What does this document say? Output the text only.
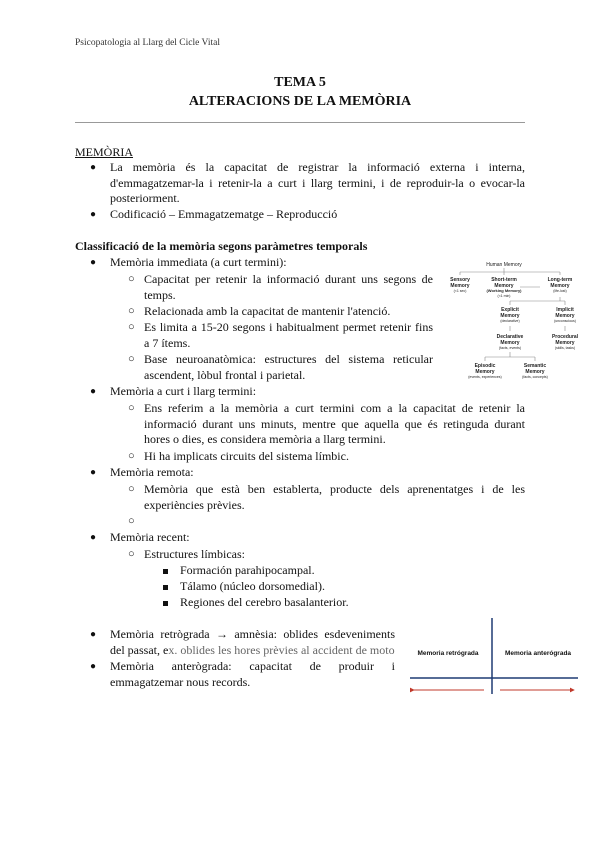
Psicopatologia al Llarg del Cicle Vital
TEMA 5
ALTERACIONS DE LA MEMÒRIA
MEMÒRIA
● La memòria és la capacitat de registrar la informació externa i interna,
d'emmagatzemar-la i retenir-la a curt i llarg termini, i de reproduir-la o evocar-la
posteriorment.
● Codificació – Emmagatzematge – Reproducció
Classificació de la memòria segons paràmetres temporals
● Memòria immediata (a curt termini):
○ Capacitat per retenir la informació durant uns segons de
temps.
○ Relacionada amb la capacitat de mantenir l'atenció.
○ Es limita a 15-20 segons i habitualment permet retenir fins
a 7 ítems.
○ Base neuroanatòmica: estructures del sistema reticular
ascendent, lòbul frontal i parietal.
Human Memory
Sensory
Memory
(<1 sec)
Short-term
Memory
(Working Memory)
(<1 min)
Long-term
Memory
(life-lost)
Explicit
Memory
(declarative)
Implicit
Memory
(unconscious)
Declarative
Memory
(facts, events)
Procedural
Memory
(skills, tasks)
Episodic
Memory
(events, experiences)
Semantic
Memory
(facts, concepts)
● Memòria a curt i llarg termini:
○ Ens referim a la memòria a curt termini com a la capacitat de retenir la
informació durant uns minuts, mentre que aquella que és retinguda durant
hores o dies, es considera memòria a llarg termini.
○ Hi ha implicats circuits del sistema límbic.
● Memòria remota:
○ Memòria que està ben establerta, producte dels aprenentatges i de les
experiències prèvies.
○
● Memòria recent:
○ Estructures límbicas:
Formación parahipocampal.
Tálamo (núcleo dorsomedial).
Regiones del cerebro basalanterior.
● Memòria retrògrada → amnèsia: oblides esdeveniments
del passat, ex. oblides les hores prèvies al accident de moto
● Memòria anterògrada: capacitat de produir i
emmagatzemar nous records.
Memoria retrógrada	Memoria anterógrada
